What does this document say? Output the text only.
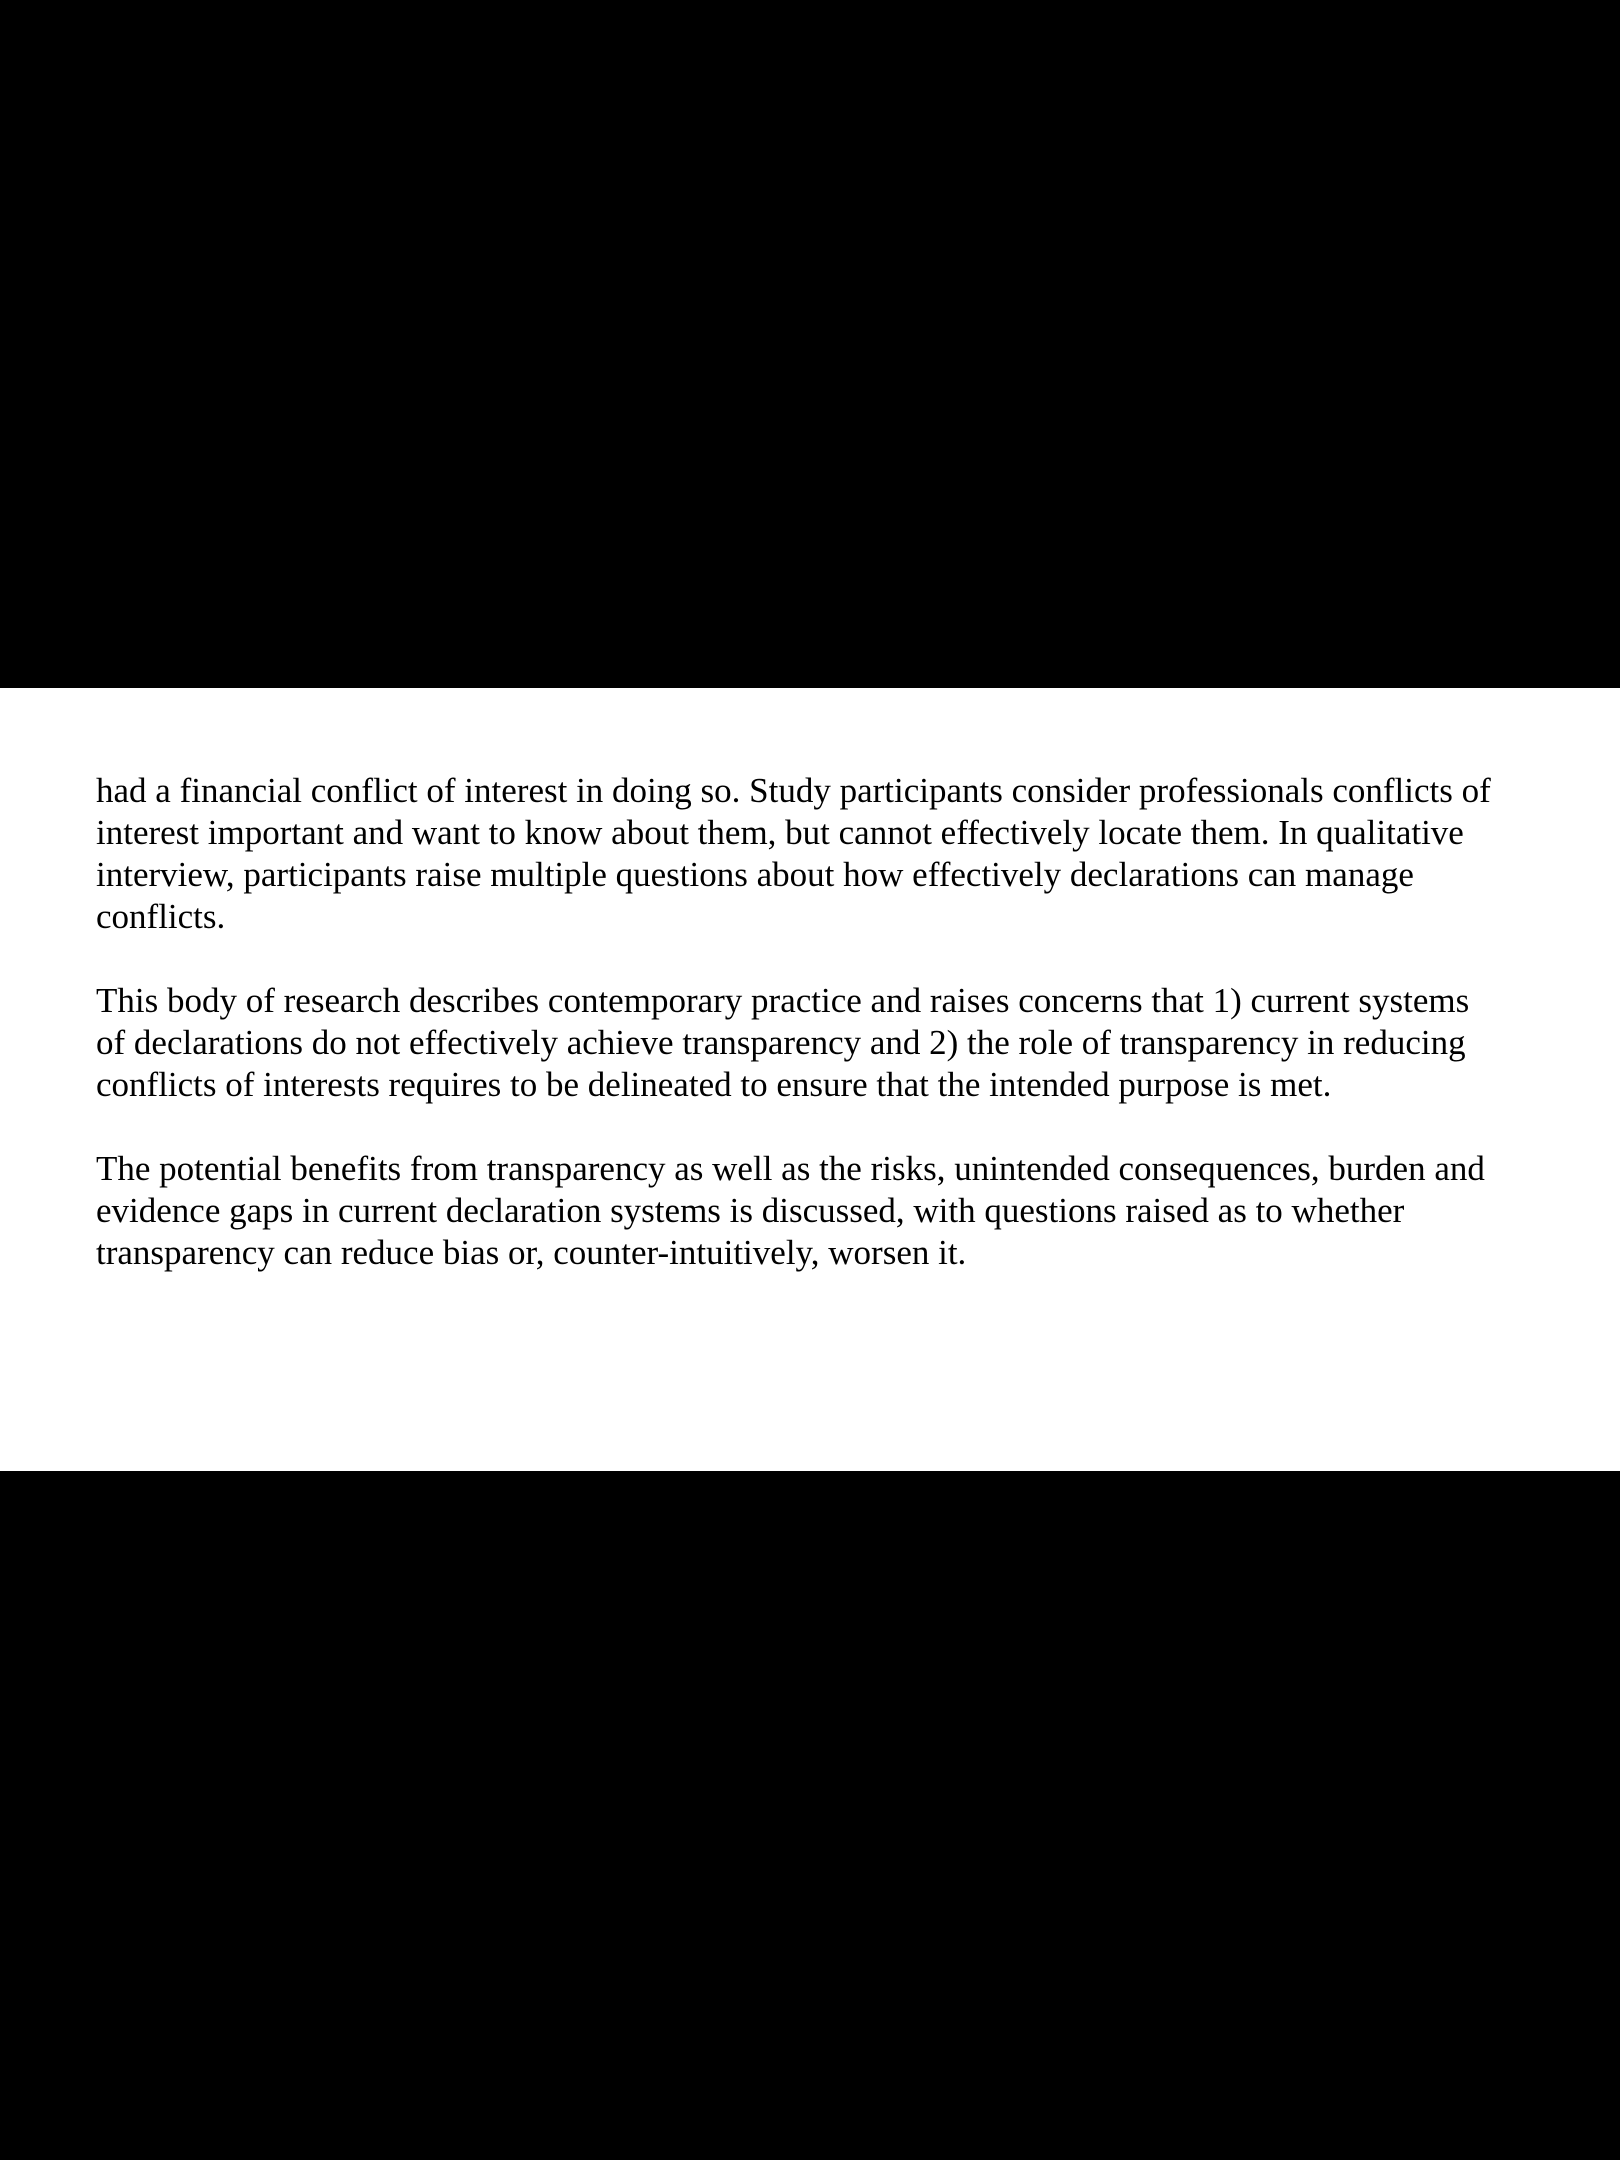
had a financial conflict of interest in doing so. Study participants consider professionals conflicts of
interest important and want to know about them, but cannot effectively locate them. In qualitative
interview, participants raise multiple questions about how effectively declarations can manage
conflicts.

This body of research describes contemporary practice and raises concerns that 1) current systems
of declarations do not effectively achieve transparency and 2) the role of transparency in reducing
conflicts of interests requires to be delineated to ensure that the intended purpose is met.

The potential benefits from transparency as well as the risks, unintended consequences, burden and
evidence gaps in current declaration systems is discussed, with questions raised as to whether
transparency can reduce bias or, counter-intuitively, worsen it.
